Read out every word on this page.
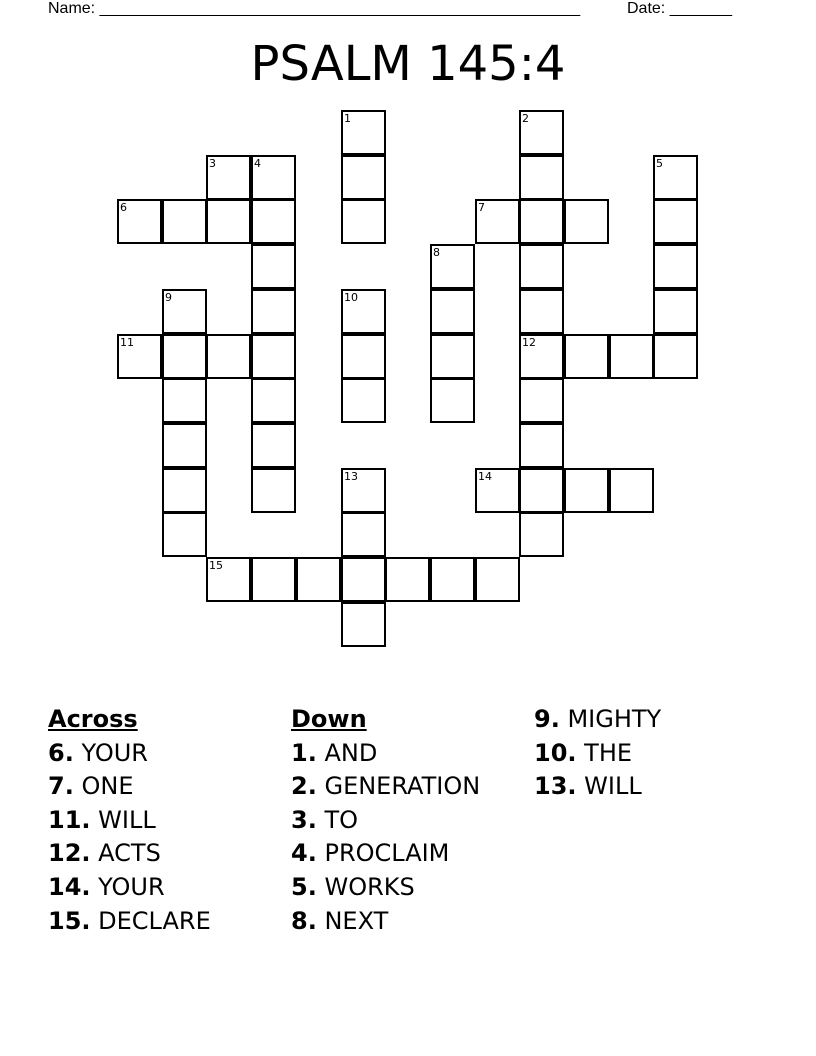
Name: ______________________________________________________	Date: _______
PSALM 145:4
1	2
3	4	5
6	7
8
9	10
11	12
13	14
15

Across

6. YOUR

7. ONE

11. WILL

12. ACTS

14. YOUR

15. DECLARE

Down

1. AND

2. GENERATION

3. TO

4. PROCLAIM

5. WORKS

8. NEXT

9. MIGHTY

10. THE

13. WILL
